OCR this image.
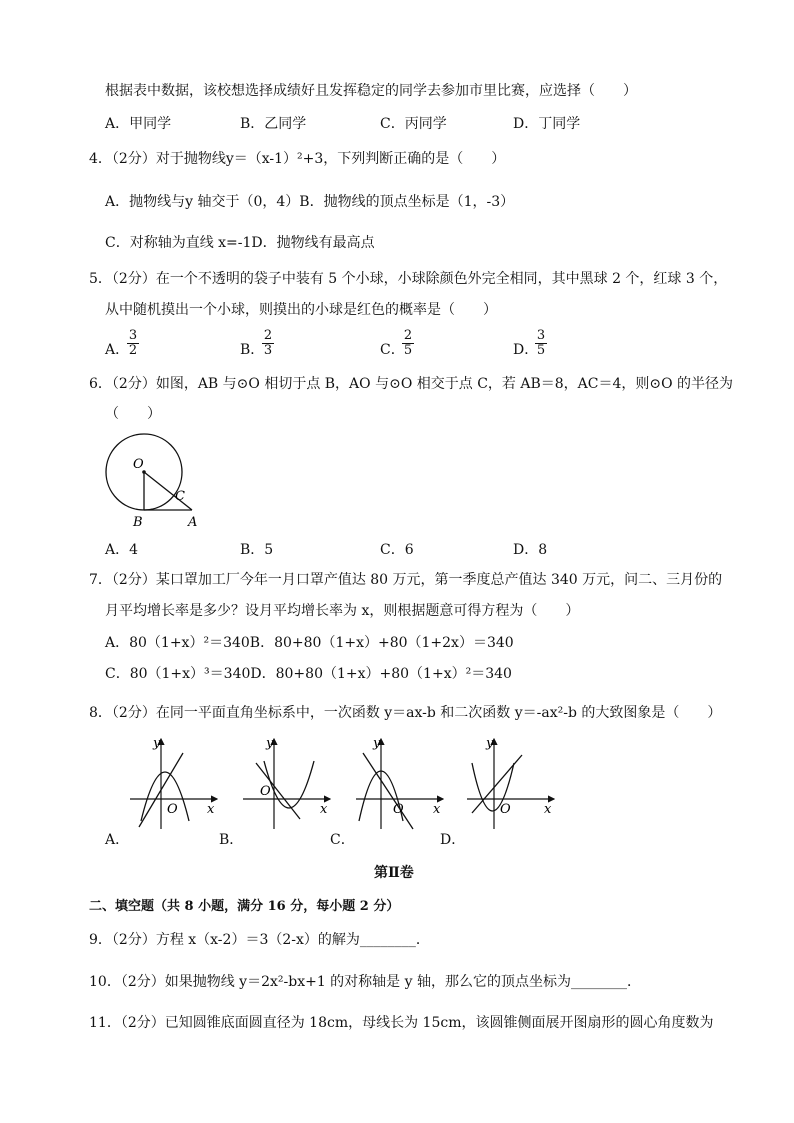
根据表中数据，该校想选择成绩好且发挥稳定的同学去参加市里比赛，应选择（　　）
A．甲同学	B．乙同学	C．丙同学	D．丁同学
4．（2分）对于抛物线y＝（x-1）²+3，下列判断正确的是（　　）
A．抛物线与y 轴交于（0，4）B．抛物线的顶点坐标是（1，-3）
C．对称轴为直线 x=-1D．抛物线有最高点
5．（2分）在一个不透明的袋子中装有 5 个小球，小球除颜色外完全相同，其中黑球 2 个，红球 3 个，
从中随机摸出一个小球，则摸出的小球是红色的概率是（　　）
A．
3
2	B．
2
3	C．
2
5	D．
3
5
6．（2分）如图，AB 与⊙O 相切于点 B，AO 与⊙O 相交于点 C，若 AB＝8，AC＝4，则⊙O 的半径为
（　　）
O
B
C
A
A．4	B．5	C．6	D．8
7．（2分）某口罩加工厂今年一月口罩产值达 80 万元，第一季度总产值达 340 万元，问二、三月份的
月平均增长率是多少？设月平均增长率为 x，则根据题意可得方程为（　　）
A．80（1+x）²＝340B．80+80（1+x）+80（1+2x）＝340
C．80（1+x）³＝340D．80+80（1+x）+80（1+x）²＝340
8．（2分）在同一平面直角坐标系中，一次函数 y＝ax-b 和二次函数 y＝-ax²-b 的大致图象是（　　）
O x
y
A．
O
x
y
B．
O x
y
C．
O	x
y
D．
第Ⅱ卷
二、填空题（共 8 小题，满分 16 分，每小题 2 分）
9．（2分）方程 x（x-2）＝3（2-x）的解为________．
10．（2分）如果抛物线 y＝2x²-bx+1 的对称轴是 y 轴，那么它的顶点坐标为________．
11．（2分）已知圆锥底面圆直径为 18cm，母线长为 15cm，该圆锥侧面展开图扇形的圆心角度数为
